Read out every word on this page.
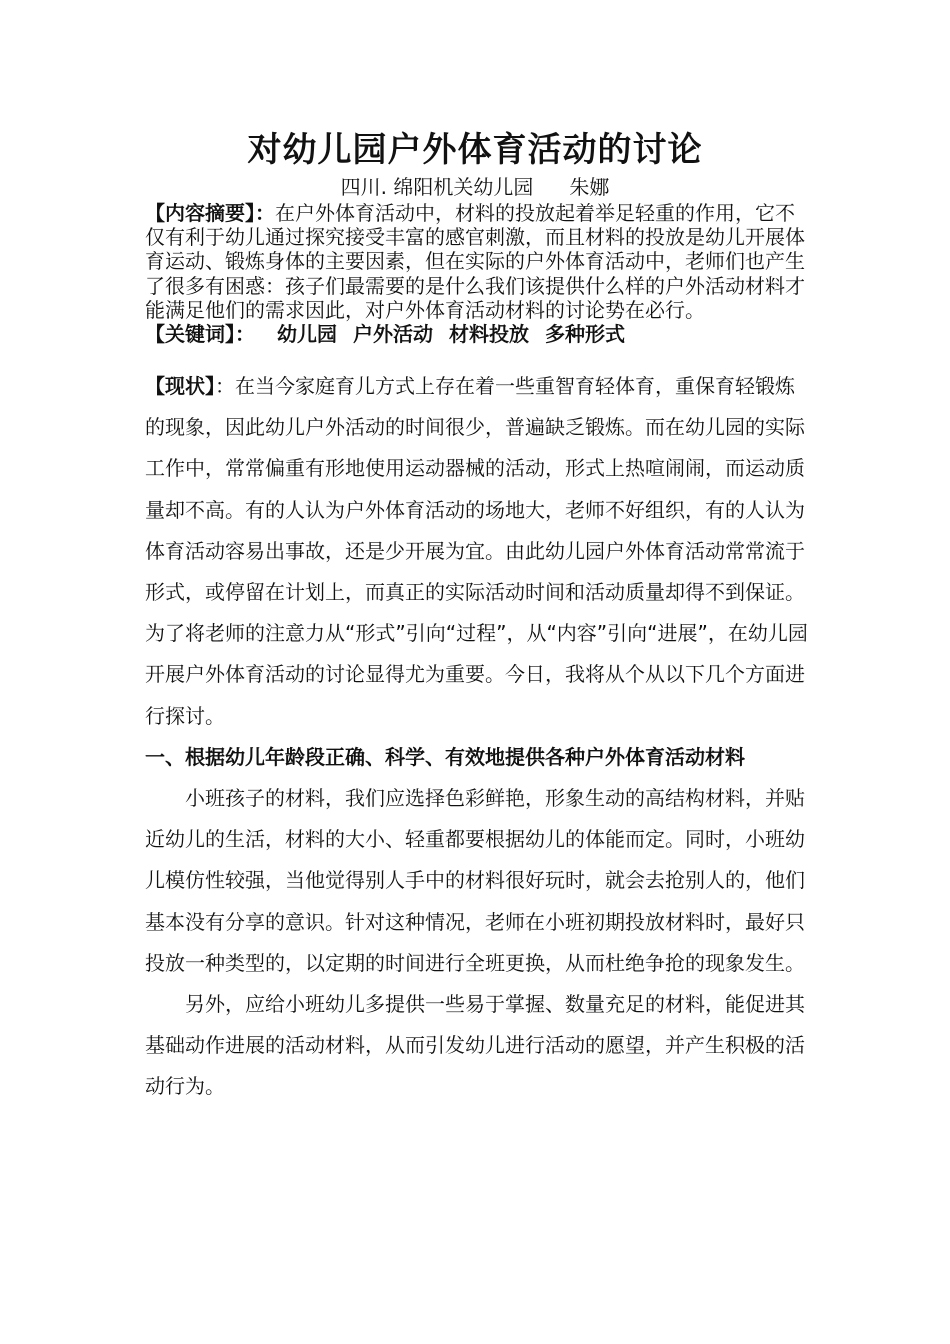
对幼儿园户外体育活动的讨论
四川. 绵阳机关幼儿园 朱娜

【内容摘要】：在户外体育活动中，材料的投放起着举足轻重的作用，它不仅有利于幼儿通过探究接受丰富的感官刺激，而且材料的投放是幼儿开展体育运动、锻炼身体的主要因素，但在实际的户外体育活动中，老师们也产生了很多有困惑：孩子们最需要的是什么我们该提供什么样的户外活动材料才能满足他们的需求因此，对户外体育活动材料的讨论势在必行。

【关键词】： 幼儿园 户外活动 材料投放 多种形式

【现状】：在当今家庭育儿方式上存在着一些重智育轻体育，重保育轻锻炼的现象，因此幼儿户外活动的时间很少，普遍缺乏锻炼。而在幼儿园的实际工作中，常常偏重有形地使用运动器械的活动，形式上热喧闹闹，而运动质量却不高。有的人认为户外体育活动的场地大，老师不好组织，有的人认为体育活动容易出事故，还是少开展为宜。由此幼儿园户外体育活动常常流于形式，或停留在计划上，而真正的实际活动时间和活动质量却得不到保证。为了将老师的注意力从“形式”引向“过程”，从“内容”引向“进展”，在幼儿园开展户外体育活动的讨论显得尤为重要。今日，我将从个从以下几个方面进行探讨。

一、根据幼儿年龄段正确、科学、有效地提供各种户外体育活动材料

小班孩子的材料，我们应选择色彩鲜艳，形象生动的高结构材料，并贴近幼儿的生活，材料的大小、轻重都要根据幼儿的体能而定。同时，小班幼儿模仿性较强，当他觉得别人手中的材料很好玩时，就会去抢别人的，他们基本没有分享的意识。针对这种情况，老师在小班初期投放材料时，最好只投放一种类型的，以定期的时间进行全班更换，从而杜绝争抢的现象发生。

另外，应给小班幼儿多提供一些易于掌握、数量充足的材料，能促进其基础动作进展的活动材料，从而引发幼儿进行活动的愿望，并产生积极的活动行为。
